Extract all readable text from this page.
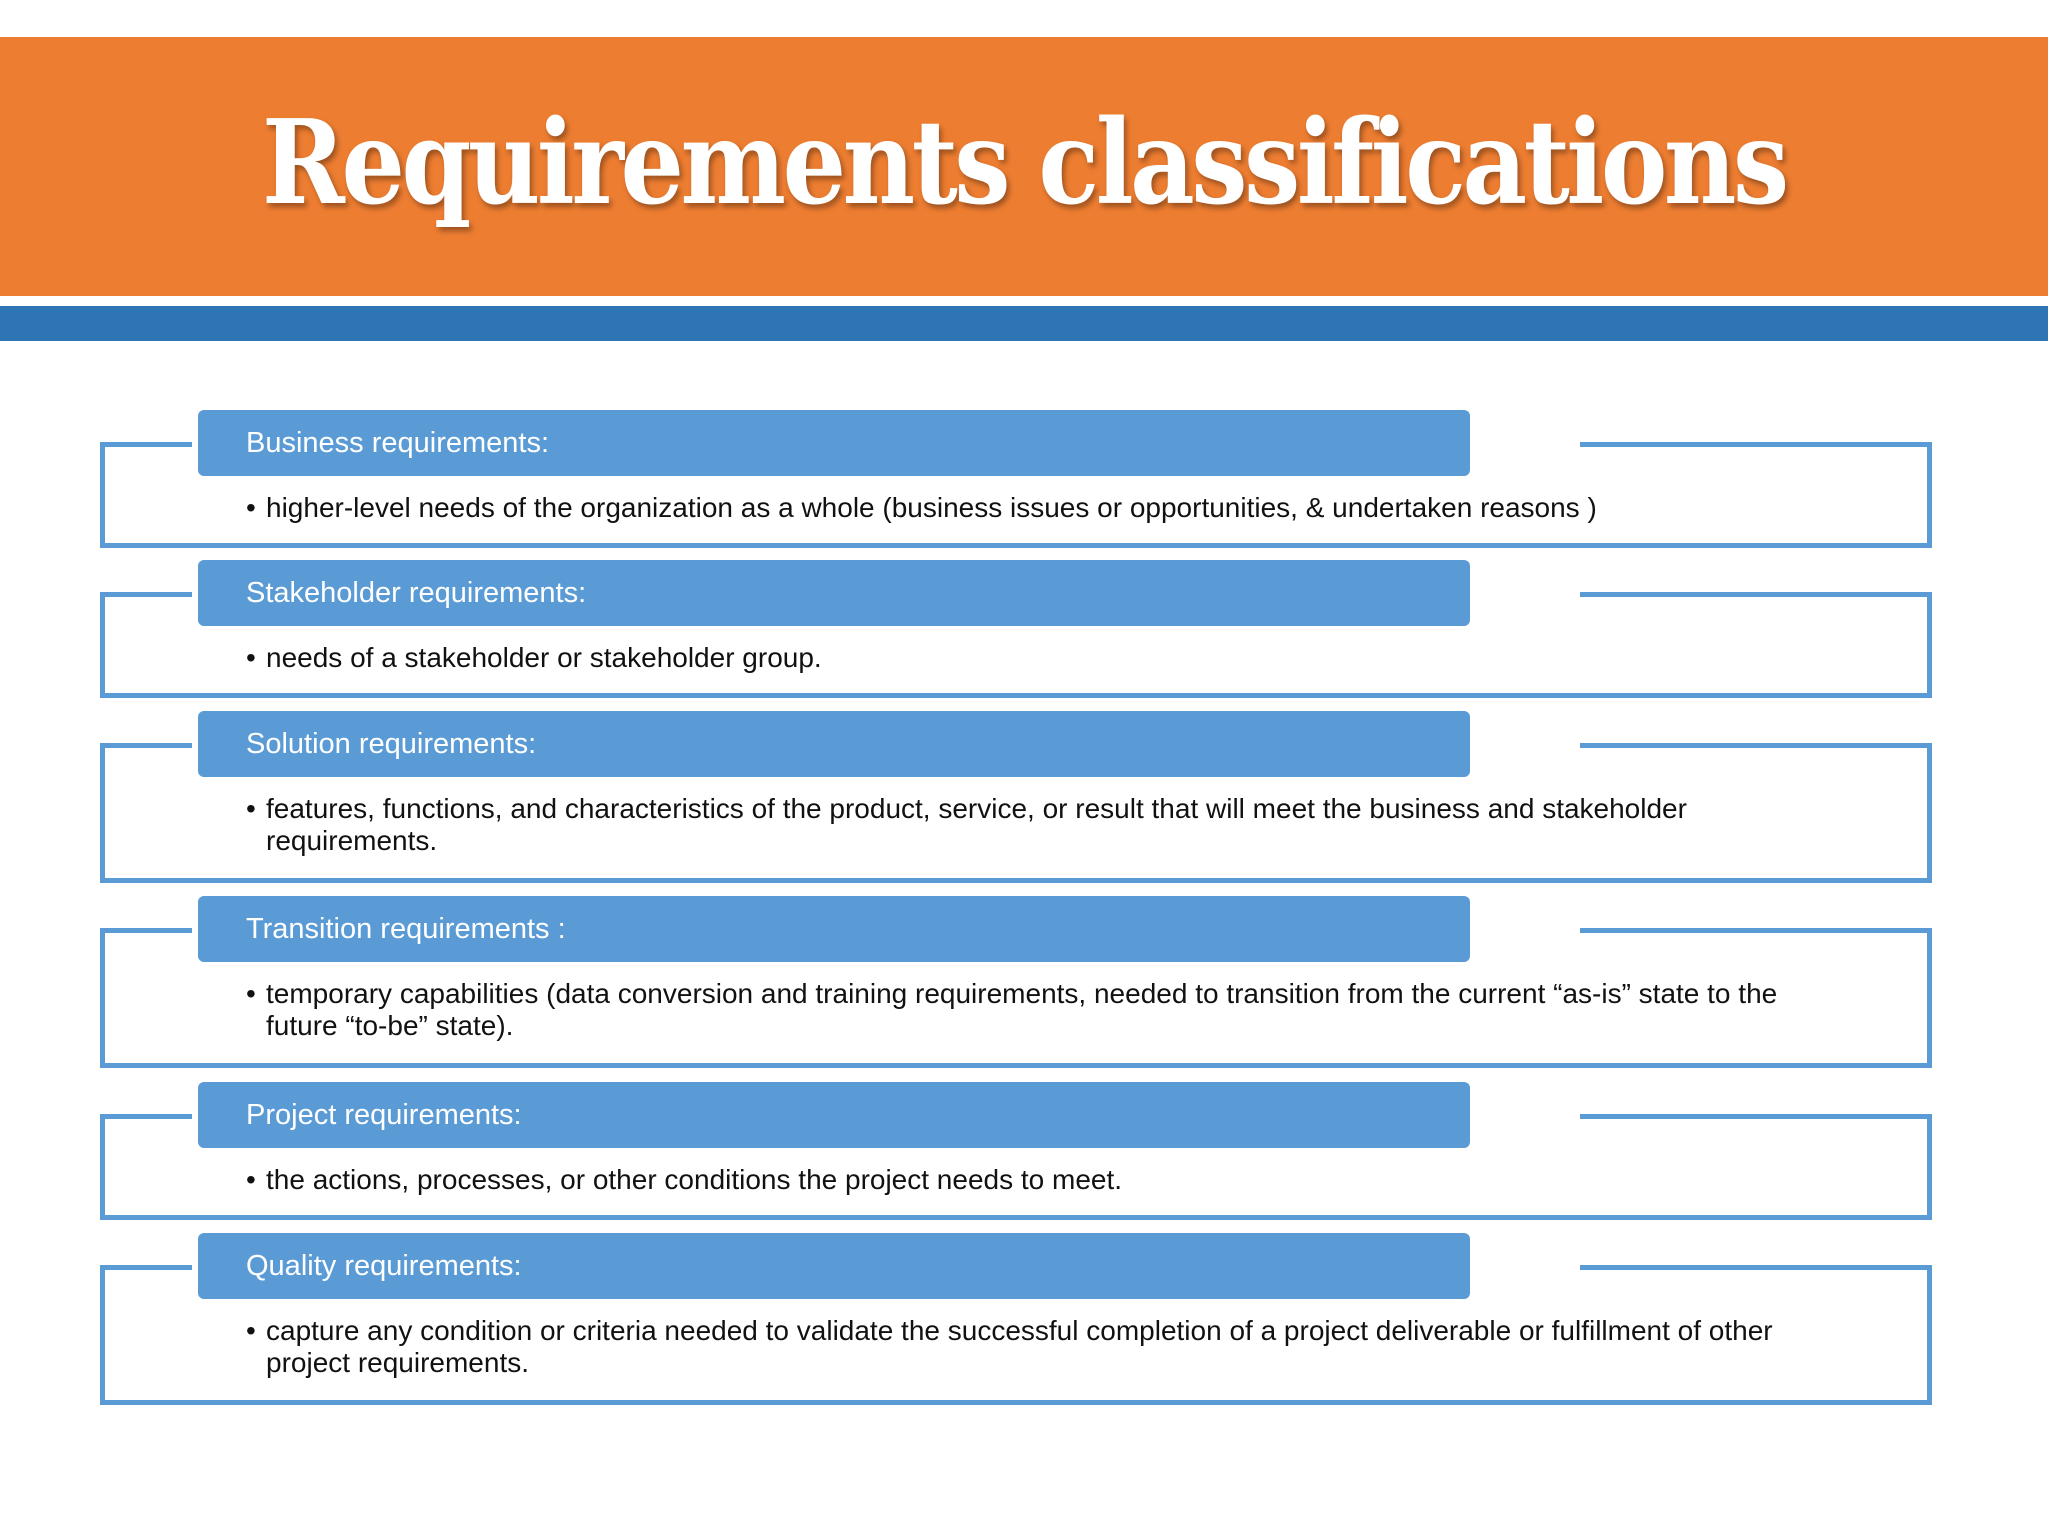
Requirements classifications
Business requirements:
• higher-level needs of the organization as a whole (business issues or opportunities, & undertaken reasons )
Stakeholder requirements:
• needs of a stakeholder or stakeholder group.
Solution requirements:
• features, functions, and characteristics of the product, service, or result that will meet the business and stakeholder requirements.
Transition requirements :
• temporary capabilities (data conversion and training requirements, needed to transition from the current “as-is” state to the future “to-be” state).
Project requirements:
• the actions, processes, or other conditions the project needs to meet.
Quality requirements:
• capture any condition or criteria needed to validate the successful completion of a project deliverable or fulfillment of other project requirements.
